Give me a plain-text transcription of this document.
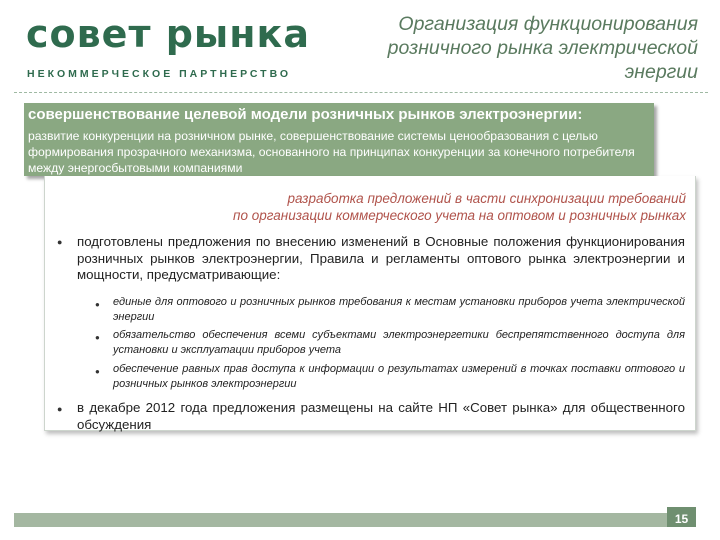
совет рынка
НЕКОММЕРЧЕСКОЕ ПАРТНЕРСТВО
Организация функционирования
розничного рынка электрической
энергии
совершенствование целевой модели розничных рынков электроэнергии:
развитие конкуренции на розничном рынке, совершенствование системы ценообразования с целью формирования прозрачного механизма, основанного на принципах конкуренции за конечного потребителя между энергосбытовыми компаниями
разработка предложений в части синхронизации требований
по организации коммерческого учета на оптовом и розничных рынках
● подготовлены предложения по внесению изменений в Основные положения функционирования розничных рынков электроэнергии, Правила и регламенты оптового рынка электроэнергии и мощности, предусматривающие:
● единые для оптового и розничных рынков требования к местам установки приборов учета электрической энергии
● обязательство обеспечения всеми субъектами электроэнергетики беспрепятственного доступа для установки и эксплуатации приборов учета
● обеспечение равных прав доступа к информации о результатах измерений в точках поставки оптового и розничных рынков электроэнергии
● в декабре 2012 года предложения размещены на сайте НП «Совет рынка» для общественного обсуждения
15
